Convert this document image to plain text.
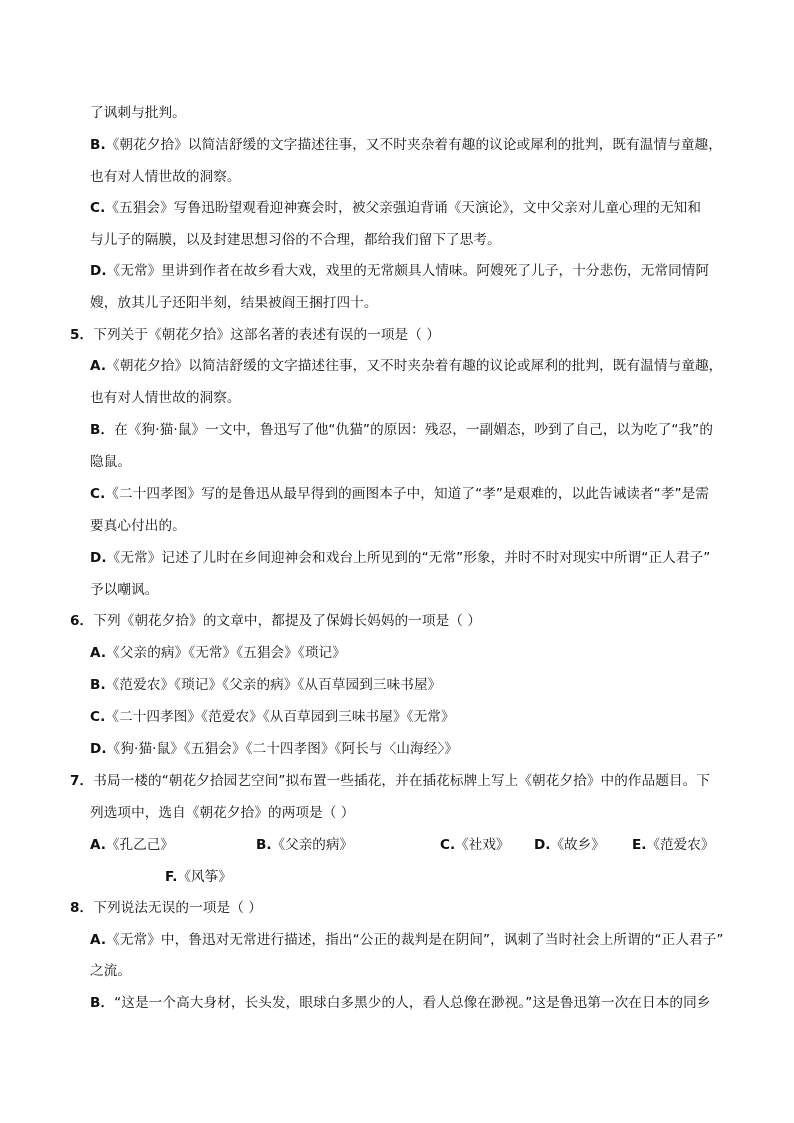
了讽刺与批判。
B.《朝花夕拾》以简洁舒缓的文字描述往事，又不时夹杂着有趣的议论或犀利的批判，既有温情与童趣，
也有对人情世故的洞察。
C.《五猖会》写鲁迅盼望观看迎神赛会时，被父亲强迫背诵《天演论》，文中父亲对儿童心理的无知和
与儿子的隔膜，以及封建思想习俗的不合理，都给我们留下了思考。
D.《无常》里讲到作者在故乡看大戏，戏里的无常颇具人情味。阿嫂死了儿子，十分悲伤，无常同情阿
嫂，放其儿子还阳半刻，结果被阎王捆打四十。
5．下列关于《朝花夕拾》这部名著的表述有误的一项是（ ）
A.《朝花夕拾》以简洁舒缓的文字描述往事，又不时夹杂着有趣的议论或犀利的批判，既有温情与童趣，
也有对人情世故的洞察。
B．在《狗·猫·鼠》一文中，鲁迅写了他“仇猫”的原因：残忍，一副媚态，吵到了自己，以为吃了“我”的
隐鼠。
C.《二十四孝图》写的是鲁迅从最早得到的画图本子中，知道了“孝”是艰难的，以此告诫读者“孝”是需
要真心付出的。
D.《无常》记述了儿时在乡间迎神会和戏台上所见到的“无常”形象，并时不时对现实中所谓“正人君子”
予以嘲讽。
6．下列《朝花夕拾》的文章中，都提及了保姆长妈妈的一项是（ ）
A.《父亲的病》《无常》《五猖会》《琐记》
B.《范爱农》《琐记》《父亲的病》《从百草园到三味书屋》
C.《二十四孝图》《范爱农》《从百草园到三味书屋》《无常》
D.《狗·猫·鼠》《五猖会》《二十四孝图》《阿长与〈山海经〉》
7．书局一楼的“朝花夕拾园艺空间”拟布置一些插花，并在插花标牌上写上《朝花夕拾》中的作品题目。下
列选项中，选自《朝花夕拾》的两项是（ ）
A.《孔乙己》	B.《父亲的病》	C.《社戏》 D.《故乡》 E.《范爱农》
F.《风筝》
8．下列说法无误的一项是（ ）
A.《无常》中，鲁迅对无常进行描述，指出“公正的裁判是在阴间”，讽刺了当时社会上所谓的“正人君子”
之流。
B．“这是一个高大身材，长头发，眼球白多黑少的人，看人总像在渺视。”这是鲁迅第一次在日本的同乡
